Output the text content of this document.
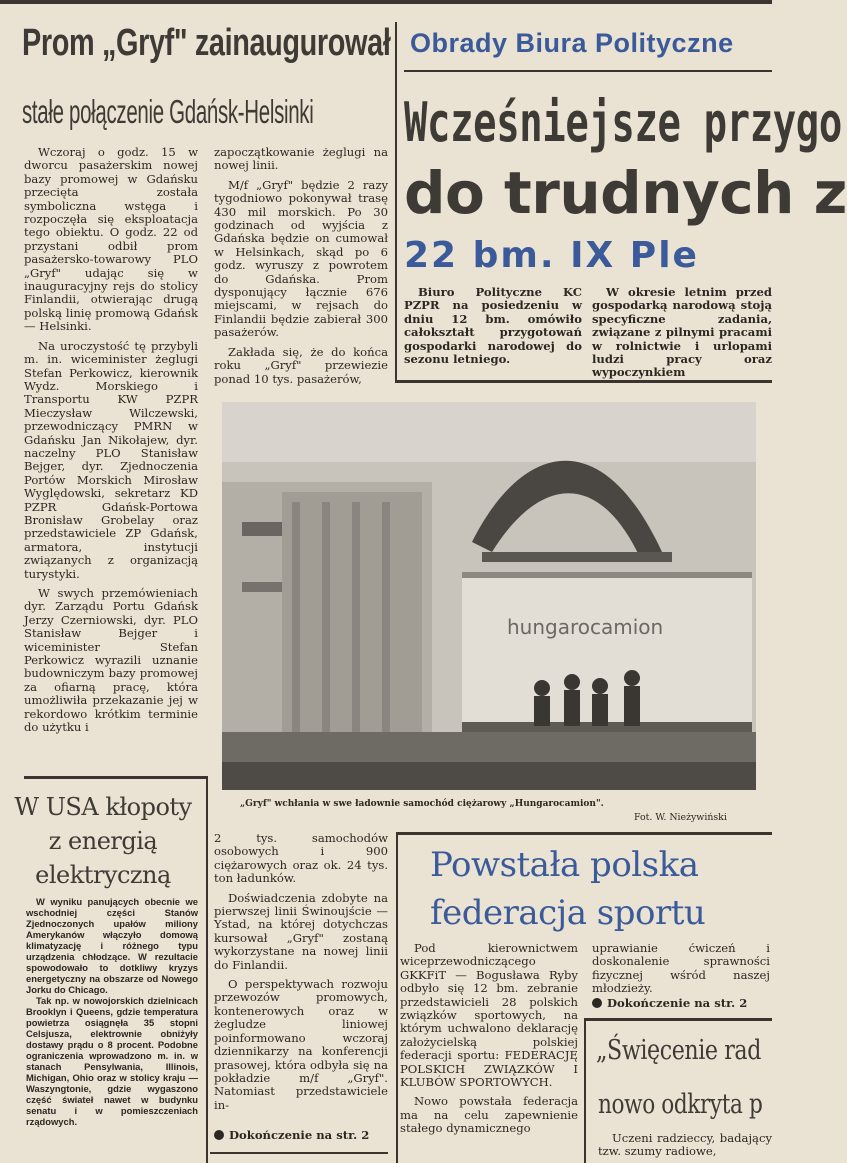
Prom „Gryf" zainaugurował
stałe połączenie Gdańsk-Helsinki

Wczoraj o godz. 15 w dworcu pasażerskim nowej bazy promowej w Gdańsku przecięta została symboliczna wstęga i rozpoczęła się eksploatacja tego obiektu. O godz. 22 od przystani odbił prom pasażersko-towarowy PLO „Gryf" udając się w inauguracyjny rejs do stolicy Finlandii, otwierając drugą polską linię promową Gdańsk — Helsinki.

Na uroczystość tę przybyli m. in. wiceminister żeglugi Stefan Perkowicz, kierownik Wydz. Morskiego i Transportu KW PZPR Mieczysław Wilczewski, przewodniczący PMRN w Gdańsku Jan Nikołajew, dyr. naczelny PLO Stanisław Bejger, dyr. Zjednoczenia Portów Morskich Mirosław Wyględowski, sekretarz KD PZPR Gdańsk-Portowa Bronisław Grobelay oraz przedstawiciele ZP Gdańsk, armatora, instytucji związanych z organizacją turystyki.

W swych przemówieniach dyr. Zarządu Portu Gdańsk Jerzy Czerniowski, dyr. PLO Stanisław Bejger i wiceminister Stefan Perkowicz wyrazili uznanie budowniczym bazy promowej za ofiarną pracę, która umożliwiła przekazanie jej w rekordowo krótkim terminie do użytku i

zapoczątkowanie żeglugi na nowej linii.

M/f „Gryf" będzie 2 razy tygodniowo pokonywał trasę 430 mil morskich. Po 30 godzinach od wyjścia z Gdańska będzie on cumował w Helsinkach, skąd po 6 godz. wyruszy z powrotem do Gdańska. Prom dysponujący łącznie 676 miejscami, w rejsach do Finlandii będzie zabierał 300 pasażerów.

Zakłada się, że do końca roku „Gryf" przewiezie ponad 10 tys. pasażerów,

Obrady Biura Polityczne
Wcześniejsze przygo
do trudnych z
22 bm. IX Ple

Biuro Polityczne KC PZPR na posiedzeniu w dniu 12 bm. omówiło całokształt przygotowań gospodarki narodowej do sezonu letniego.

W okresie letnim przed gospodarką narodową stoją specyficzne zadania, związane z pilnymi pracami w rolnictwie i urlopami ludzi pracy oraz wypoczynkiem

hungarocamion
„Gryf" wchłania w swe ładownie samochód ciężarowy „Hungarocamion".
Fot. W. Nieżywiński
W USA kłopoty
z energią
elektryczną

W wyniku panujących obecnie we wschodniej części Stanów Zjednoczonych upałów miliony Amerykanów włączyło domową klimatyzację i różnego typu urządzenia chłodzące. W rezultacie spowodowało to dotkliwy kryzys energetyczny na obszarze od Nowego Jorku do Chicago.

Tak np. w nowojorskich dzielnicach Brooklyn i Queens, gdzie temperatura powietrza osiągnęła 35 stopni Celsjusza, elektrownie obniżyły dostawy prądu o 8 procent. Podobne ograniczenia wprowadzono m. in. w stanach Pensylwania, Illinois, Michigan, Ohio oraz w stolicy kraju — Waszyngtonie, gdzie wygaszono część świateł nawet w budynku senatu i w pomieszczeniach rządowych.

2 tys. samochodów osobowych i 900 ciężarowych oraz ok. 24 tys. ton ładunków.

Doświadczenia zdobyte na pierwszej linii Świnoujście — Ystad, na której dotychczas kursował „Gryf" zostaną wykorzystane na nowej linii do Finlandii.

O perspektywach rozwoju przewozów promowych, kontenerowych oraz w żegludze liniowej poinformowano wczoraj dziennikarzy na konferencji prasowej, która odbyła się na pokładzie m/f „Gryf". Natomiast przedstawiciele in-

Dokończenie na str. 2
Powstała polska
federacja sportu

Pod kierownictwem wiceprzewodniczącego GKKFiT — Bogusława Ryby odbyło się 12 bm. zebranie przedstawicieli 28 polskich związków sportowych, na którym uchwalono deklarację założycielską polskiej federacji sportu: FEDERACJĘ POLSKICH ZWIĄZKÓW I KLUBÓW SPORTOWYCH.

Nowo powstała federacja ma na celu zapewnienie stałego dynamicznego

uprawianie ćwiczeń i doskonalenie sprawności fizycznej wśród naszej młodzieży.

Dokończenie na str. 2
„Święcenie rad
nowo odkryta p

Uczeni radzieccy, badający tzw. szumy radiowe,
